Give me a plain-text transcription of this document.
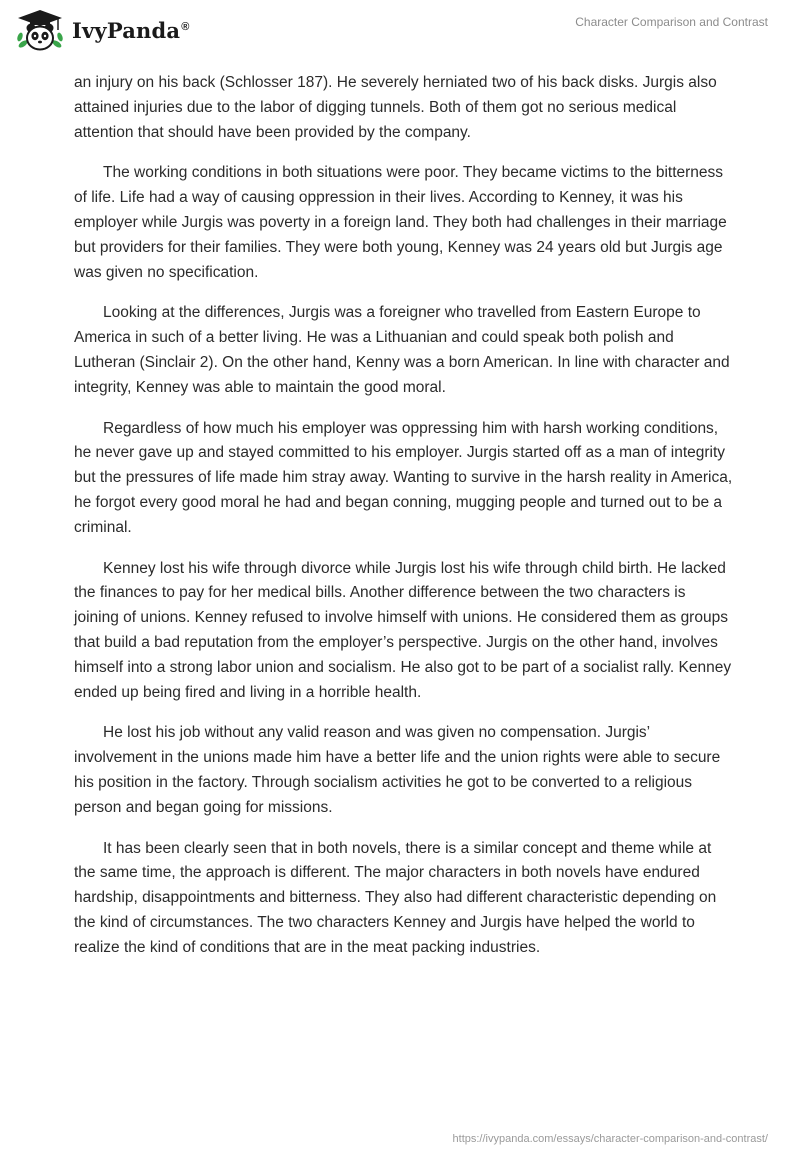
IvyPanda®	Character Comparison and Contrast

an injury on his back (Schlosser 187). He severely herniated two of his back disks. Jurgis also attained injuries due to the labor of digging tunnels. Both of them got no serious medical attention that should have been provided by the company.

The working conditions in both situations were poor. They became victims to the bitterness of life. Life had a way of causing oppression in their lives. According to Kenney, it was his employer while Jurgis was poverty in a foreign land. They both had challenges in their marriage but providers for their families. They were both young, Kenney was 24 years old but Jurgis age was given no specification.

Looking at the differences, Jurgis was a foreigner who travelled from Eastern Europe to America in such of a better living. He was a Lithuanian and could speak both polish and Lutheran (Sinclair 2). On the other hand, Kenny was a born American. In line with character and integrity, Kenney was able to maintain the good moral.

Regardless of how much his employer was oppressing him with harsh working conditions, he never gave up and stayed committed to his employer. Jurgis started off as a man of integrity but the pressures of life made him stray away. Wanting to survive in the harsh reality in America, he forgot every good moral he had and began conning, mugging people and turned out to be a criminal.

Kenney lost his wife through divorce while Jurgis lost his wife through child birth. He lacked the finances to pay for her medical bills. Another difference between the two characters is joining of unions. Kenney refused to involve himself with unions. He considered them as groups that build a bad reputation from the employer’s perspective. Jurgis on the other hand, involves himself into a strong labor union and socialism. He also got to be part of a socialist rally. Kenney ended up being fired and living in a horrible health.

He lost his job without any valid reason and was given no compensation. Jurgis’ involvement in the unions made him have a better life and the union rights were able to secure his position in the factory. Through socialism activities he got to be converted to a religious person and began going for missions.

It has been clearly seen that in both novels, there is a similar concept and theme while at the same time, the approach is different. The major characters in both novels have endured hardship, disappointments and bitterness. They also had different characteristic depending on the kind of circumstances. The two characters Kenney and Jurgis have helped the world to realize the kind of conditions that are in the meat packing industries.

https://ivypanda.com/essays/character-comparison-and-contrast/
